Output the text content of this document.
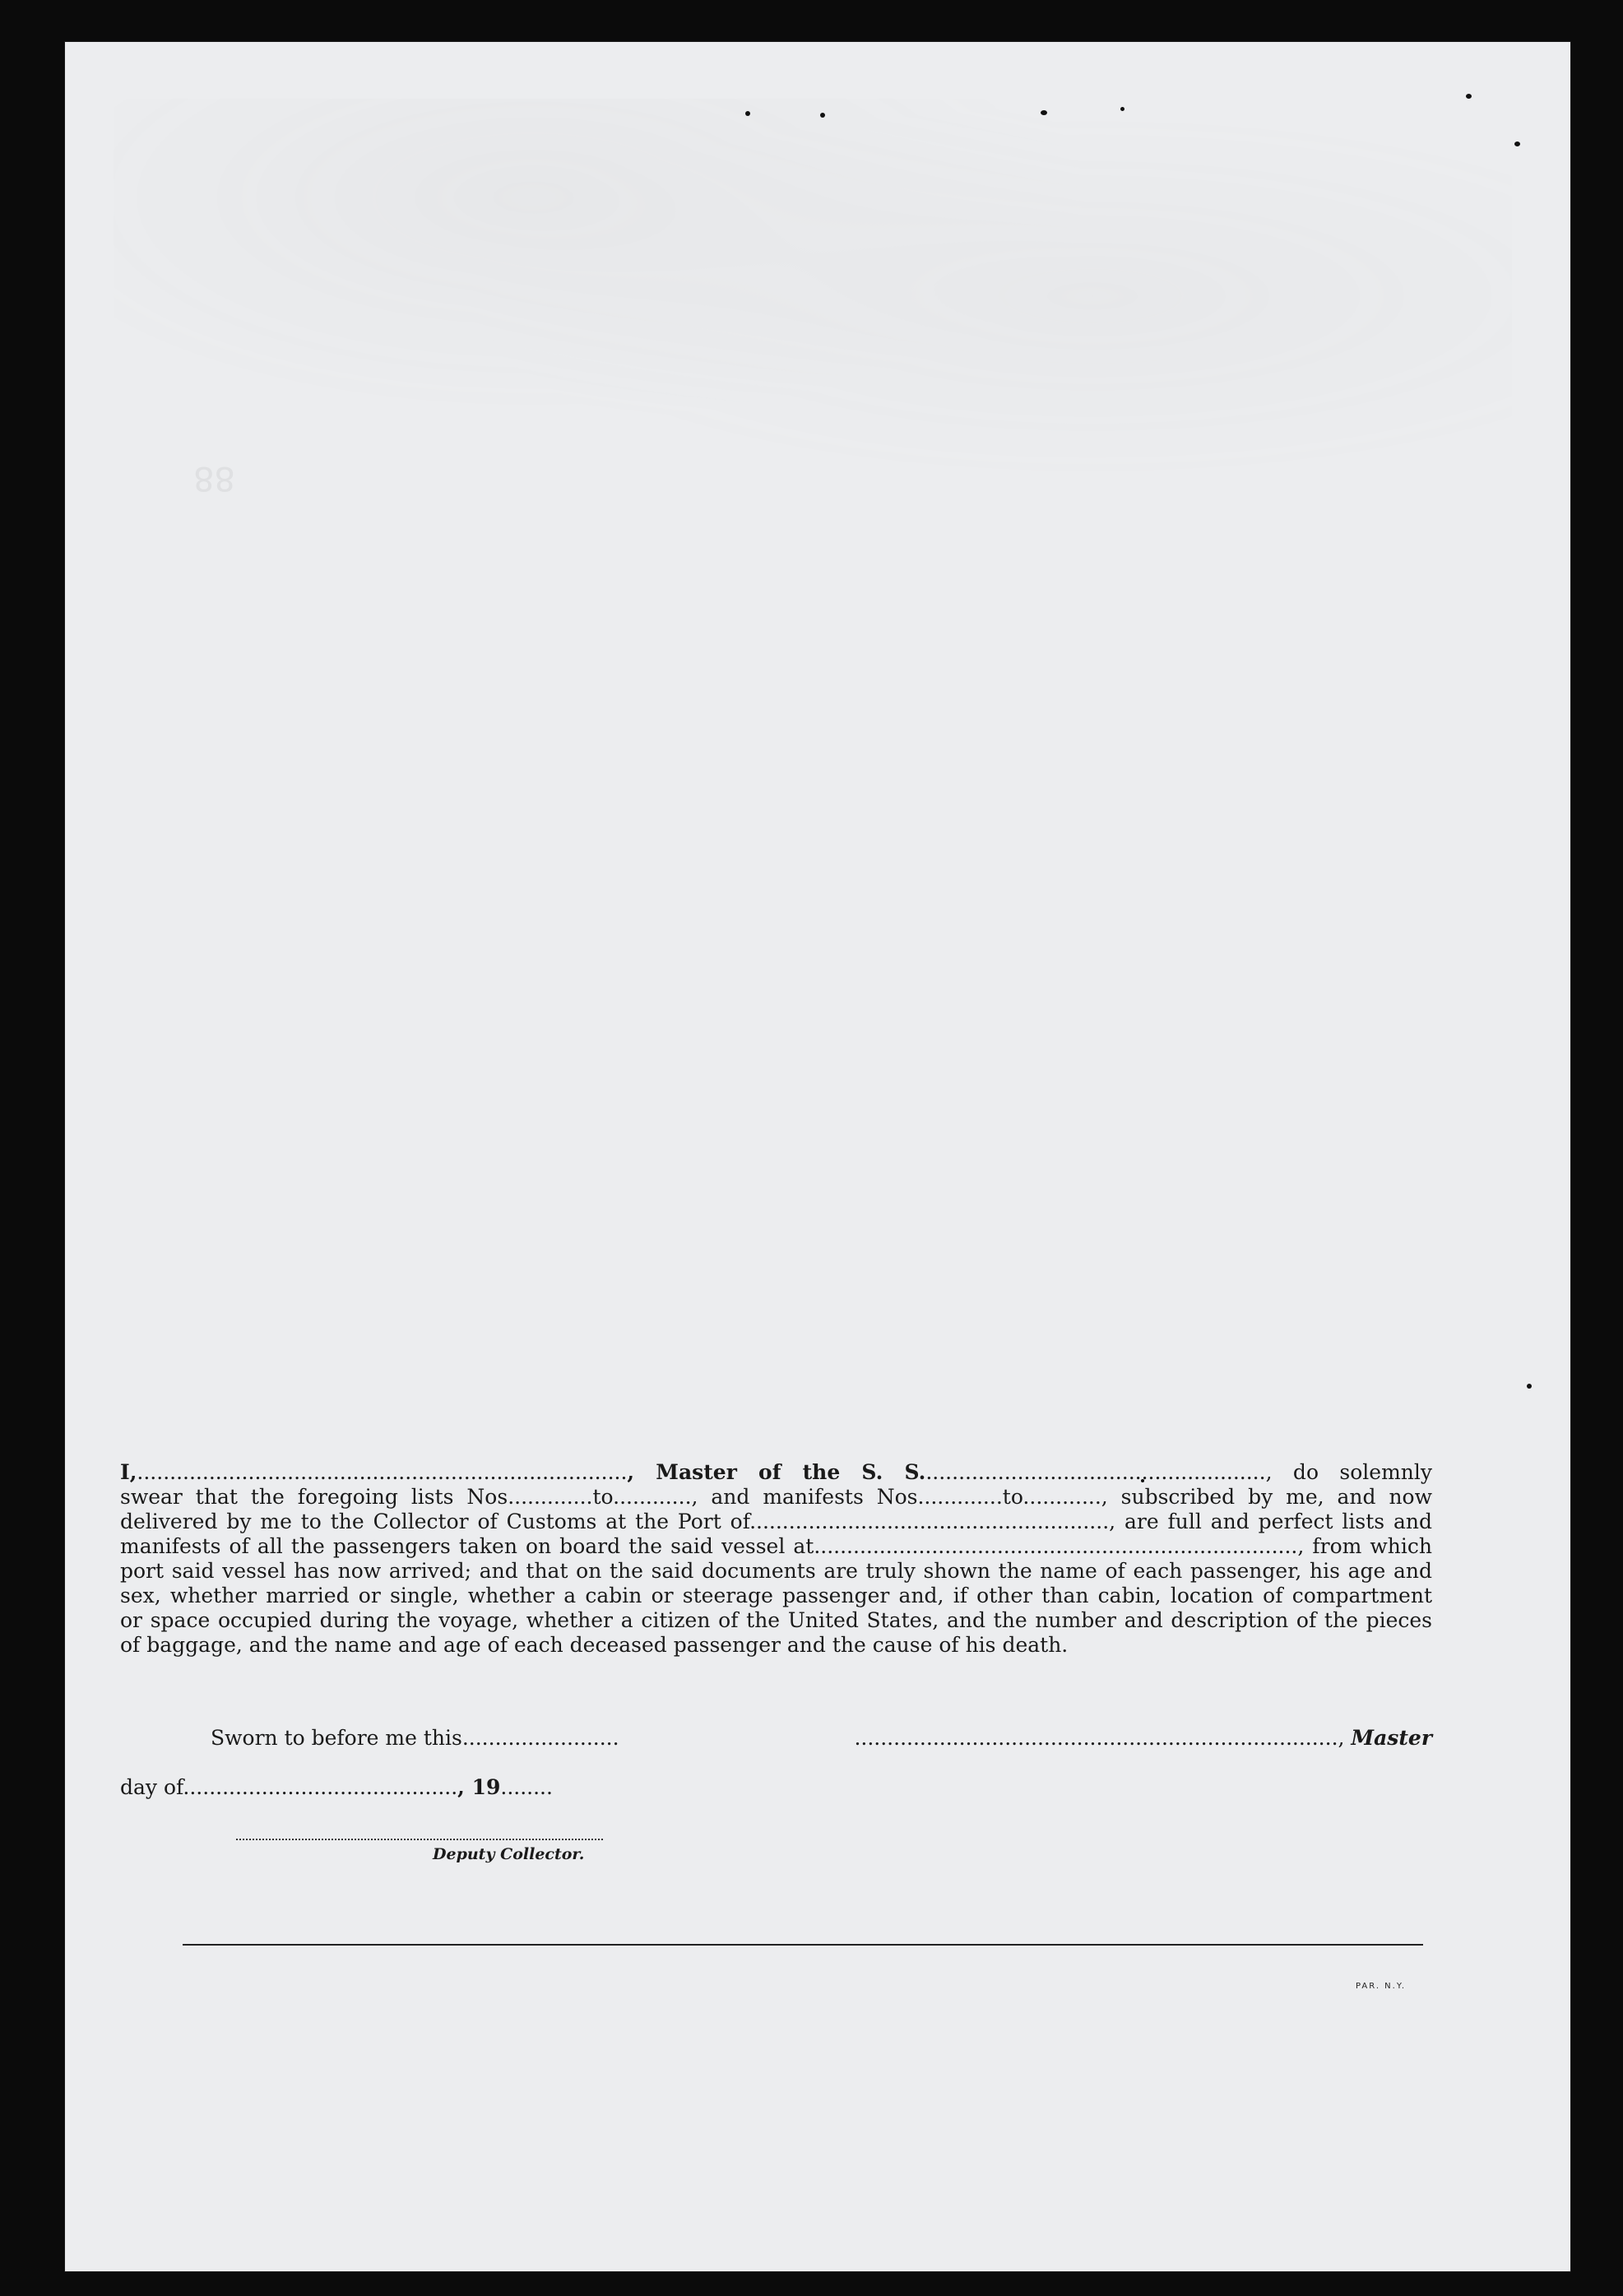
88
I,..........................................................................., Master of the S. S....................................................., do solemnly
swear that the foregoing lists Nos.............to............, and manifests Nos.............to............, subscribed by me, and now
delivered by me to the Collector of Customs at the Port of......................................................., are full and perfect lists and
manifests of all the passengers taken on board the said vessel at.........................................................................., from which
port said vessel has now arrived; and that on the said documents are truly shown the name of each passenger, his age and
sex, whether married or single, whether a cabin or steerage passenger and, if other than cabin, location of compartment
or space occupied during the voyage, whether a citizen of the United States, and the number and description of the pieces
of baggage, and the name and age of each deceased passenger and the cause of his death.
Sworn to before me this........................	.........................................................................., Master
day of.........................................., 19........
Deputy Collector.
PAR. N.Y.
